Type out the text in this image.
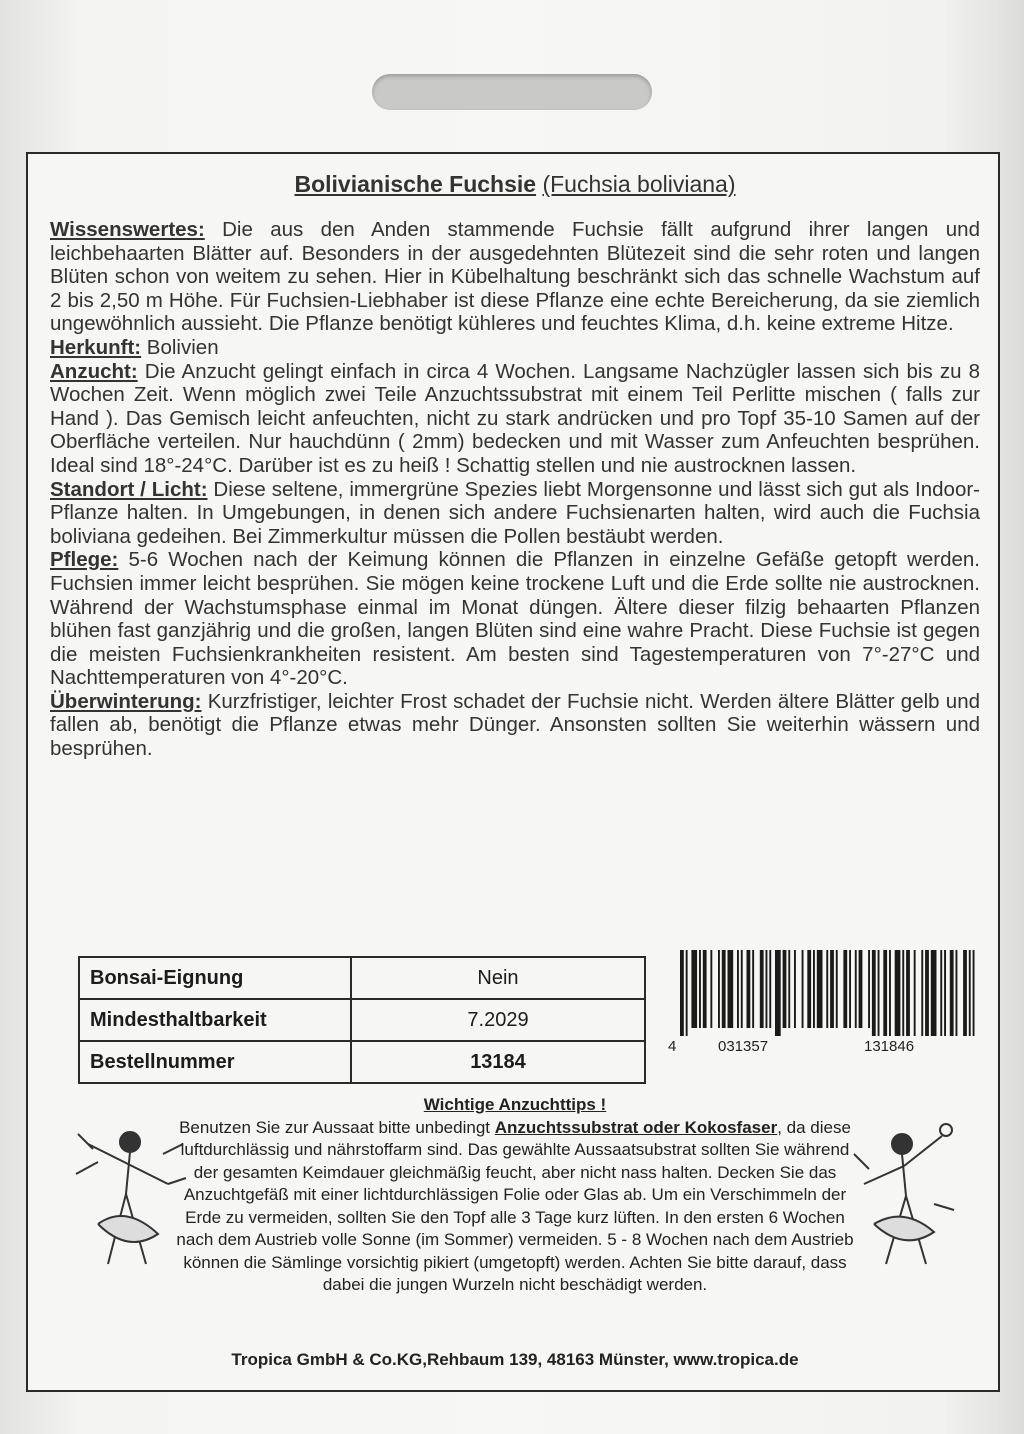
Bolivianische Fuchsie (Fuchsia boliviana)

Wissenswertes: Die aus den Anden stammende Fuchsie fällt aufgrund ihrer langen und leichbehaarten Blätter auf. Besonders in der ausgedehnten Blütezeit sind die sehr roten und langen Blüten schon von weitem zu sehen. Hier in Kübelhaltung beschränkt sich das schnelle Wachstum auf 2 bis 2,50 m Höhe. Für Fuchsien-Liebhaber ist diese Pflanze eine echte Bereicherung, da sie ziemlich ungewöhnlich aussieht. Die Pflanze benötigt kühleres und feuchtes Klima, d.h. keine extreme Hitze.

Herkunft: Bolivien

Anzucht: Die Anzucht gelingt einfach in circa 4 Wochen. Langsame Nachzügler lassen sich bis zu 8 Wochen Zeit. Wenn möglich zwei Teile Anzuchtssubstrat mit einem Teil Perlitte mischen ( falls zur Hand ). Das Gemisch leicht anfeuchten, nicht zu stark andrücken und pro Topf 35-10 Samen auf der Oberfläche verteilen. Nur hauchdünn ( 2mm) bedecken und mit Wasser zum Anfeuchten besprühen. Ideal sind 18°-24°C. Darüber ist es zu heiß ! Schattig stellen und nie austrocknen lassen.

Standort / Licht: Diese seltene, immergrüne Spezies liebt Morgensonne und lässt sich gut als Indoor-Pflanze halten. In Umgebungen, in denen sich andere Fuchsienarten halten, wird auch die Fuchsia boliviana gedeihen. Bei Zimmerkultur müssen die Pollen bestäubt werden.

Pflege: 5-6 Wochen nach der Keimung können die Pflanzen in einzelne Gefäße getopft werden. Fuchsien immer leicht besprühen. Sie mögen keine trockene Luft und die Erde sollte nie austrocknen. Während der Wachstumsphase einmal im Monat düngen. Ältere dieser filzig behaarten Pflanzen blühen fast ganzjährig und die großen, langen Blüten sind eine wahre Pracht. Diese Fuchsie ist gegen die meisten Fuchsienkrankheiten resistent. Am besten sind Tagestemperaturen von 7°-27°C und Nachttemperaturen von 4°-20°C.

Überwinterung: Kurzfristiger, leichter Frost schadet der Fuchsie nicht. Werden ältere Blätter gelb und fallen ab, benötigt die Pflanze etwas mehr Dünger. Ansonsten sollten Sie weiterhin wässern und besprühen.

Bonsai-Eignung	Nein
Mindesthaltbarkeit	7.2029
Bestellnummer	13184
4	031357	131846
Wichtige Anzuchttips !
Benutzen Sie zur Aussaat bitte unbedingt Anzuchtssubstrat oder Kokosfaser, da diese luftdurchlässig und nährstoffarm sind. Das gewählte Aussaatsubstrat sollten Sie während der gesamten Keimdauer gleichmäßig feucht, aber nicht nass halten. Decken Sie das Anzuchtgefäß mit einer lichtdurchlässigen Folie oder Glas ab. Um ein Verschimmeln der Erde zu vermeiden, sollten Sie den Topf alle 3 Tage kurz lüften. In den ersten 6 Wochen nach dem Austrieb volle Sonne (im Sommer) vermeiden. 5 - 8 Wochen nach dem Austrieb können die Sämlinge vorsichtig pikiert (umgetopft) werden. Achten Sie bitte darauf, dass dabei die jungen Wurzeln nicht beschädigt werden.
Tropica GmbH & Co.KG,Rehbaum 139, 48163 Münster, www.tropica.de
